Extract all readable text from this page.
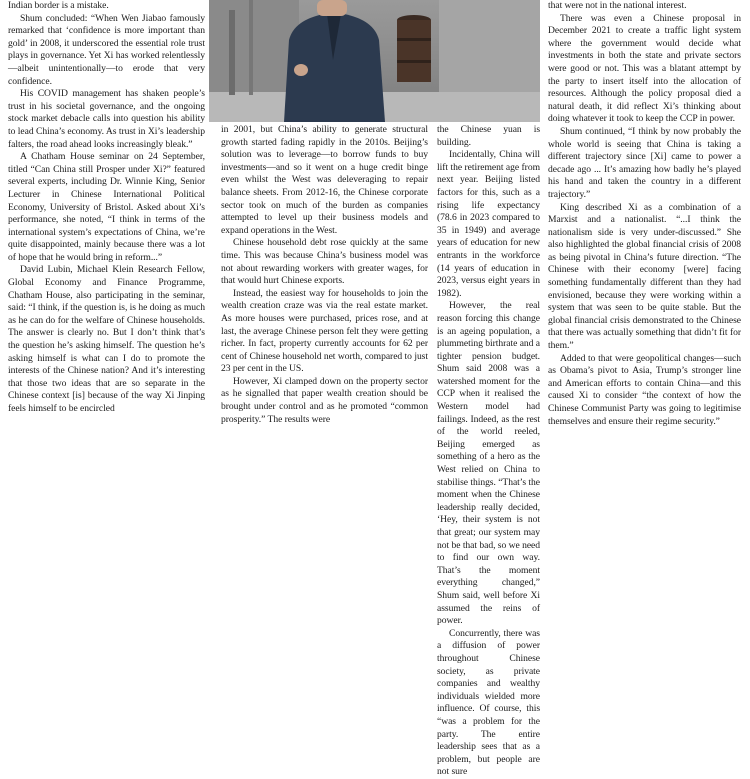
Indian border is a mistake.

Shum concluded: “When Wen Jiabao famously remarked that ‘confidence is more important than gold’ in 2008, it underscored the essential role trust plays in governance. Yet Xi has worked relentlessly—albeit unintentionally—to erode that very confidence.

His COVID management has shaken people’s trust in his societal governance, and the ongoing stock market debacle calls into question his ability to lead China’s economy. As trust in Xi’s leadership falters, the road ahead looks increasingly bleak.”

A Chatham House seminar on 24 September, titled “Can China still Prosper under Xi?” featured several experts, including Dr. Winnie King, Senior Lecturer in Chinese International Political Economy, University of Bristol. Asked about Xi’s performance, she noted, “I think in terms of the international system’s expectations of China, we’re quite disappointed, mainly because there was a lot of hope that he would bring in reform...”

David Lubin, Michael Klein Research Fellow, Global Economy and Finance Programme, Chatham House, also participating in the seminar, said: “I think, if the question is, is he doing as much as he can do for the welfare of Chinese households. The answer is clearly no. But I don’t think that’s the question he’s asking himself. The question he’s asking himself is what can I do to promote the interests of the Chinese nation? And it’s interesting that those two ideas that are so separate in the Chinese context [is] because of the way Xi Jinping feels himself to be encircled

in 2001, but China’s ability to generate structural growth started fading rapidly in the 2010s. Beijing’s solution was to leverage—to borrow funds to buy investments—and so it went on a huge credit binge even whilst the West was deleveraging to repair balance sheets. From 2012-16, the Chinese corporate sector took on much of the burden as companies attempted to level up their business models and expand operations in the West.

Chinese household debt rose quickly at the same time. This was because China’s business model was not about rewarding workers with greater wages, for that would hurt Chinese exports.

Instead, the easiest way for households to join the wealth creation craze was via the real estate market. As more houses were purchased, prices rose, and at last, the average Chinese person felt they were getting richer. In fact, property currently accounts for 62 per cent of Chinese household net worth, compared to just 23 per cent in the US.

However, Xi clamped down on the property sector as he signalled that paper wealth creation should be brought under control and as he promoted “common prosperity.” The results were

the Chinese yuan is building.

Incidentally, China will lift the retirement age from next year. Beijing listed factors for this, such as a rising life expectancy (78.6 in 2023 compared to 35 in 1949) and average years of education for new entrants in the workforce (14 years of education in 2023, versus eight years in 1982).

However, the real reason forcing this change is an ageing population, a plummeting birthrate and a tighter pension budget. Shum said 2008 was a watershed moment for the CCP when it realised the Western model had failings. Indeed, as the rest of the world reeled, Beijing emerged as something of a hero as the West relied on China to stabilise things. “That’s the moment when the Chinese leadership really decided, ‘Hey, their system is not that great; our system may not be that bad, so we need to find our own way. That’s the moment everything changed,” Shum said, well before Xi assumed the reins of power.

Concurrently, there was a diffusion of power throughout Chinese society, as private companies and wealthy individuals wielded more influence. Of course, this “was a problem for the party. The entire leadership sees that as a problem, but people are not sure

that were not in the national interest.

There was even a Chinese proposal in December 2021 to create a traffic light system where the government would decide what investments in both the state and private sectors were good or not. This was a blatant attempt by the party to insert itself into the allocation of resources. Although the policy proposal died a natural death, it did reflect Xi’s thinking about doing whatever it took to keep the CCP in power.

Shum continued, “I think by now probably the whole world is seeing that China is taking a different trajectory since [Xi] came to power a decade ago ... It’s amazing how badly he’s played his hand and taken the country in a different trajectory.”

King described Xi as a combination of a Marxist and a nationalist. “...I think the nationalism side is very under-discussed.” She also highlighted the global financial crisis of 2008 as being pivotal in China’s future direction. “The Chinese with their economy [were] facing something fundamentally different than they had envisioned, because they were working within a system that was seen to be quite stable. But the global financial crisis demonstrated to the Chinese that there was actually something that didn’t fit for them.”

Added to that were geopolitical changes—such as Obama’s pivot to Asia, Trump’s stronger line and American efforts to contain China—and this caused Xi to consider “the context of how the Chinese Communist Party was going to legitimise themselves and ensure their regime security.”
